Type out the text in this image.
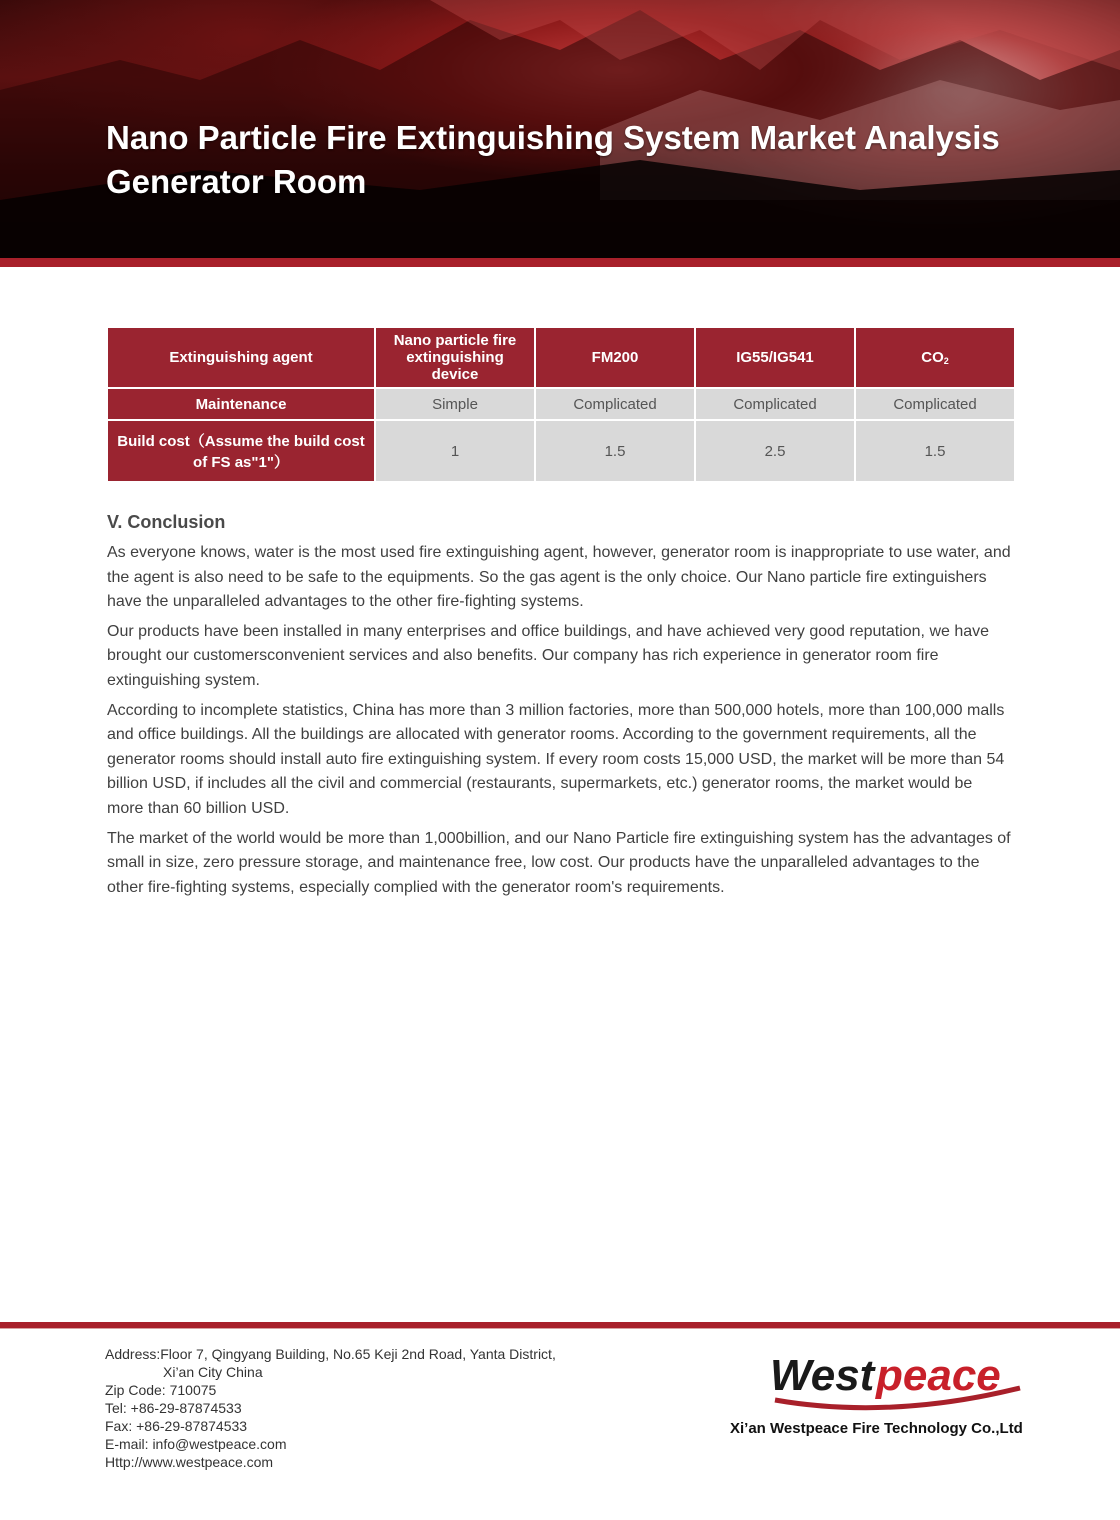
Nano Particle Fire Extinguishing System Market Analysis
Generator Room
Extinguishing agent	Nano particle fire extinguishing device	FM200	IG55/IG541	$CO_2$
Maintenance	Simple	Complicated	Complicated	Complicated
Build cost（Assume the build cost of FS as"1"）	1	1.5	2.5	1.5
V. Conclusion

As everyone knows, water is the most used fire extinguishing agent, however, generator room is inappropriate to use water, and the agent is also need to be safe to the equipments. So the gas agent is the only choice. Our Nano particle fire extinguishers have the unparalleled advantages to the other fire-fighting systems.

Our products have been installed in many enterprises and office buildings, and have achieved very good reputation, we have brought our customersconvenient services and also benefits. Our company has rich experience in generator room fire extinguishing system.

According to incomplete statistics, China has more than 3 million factories, more than 500,000 hotels, more than 100,000 malls and office buildings. All the buildings are allocated with generator rooms. According to the government requirements, all the generator rooms should install auto fire extinguishing system. If every room costs 15,000 USD, the market will be more than 54 billion USD, if includes all the civil and commercial (restaurants, supermarkets, etc.) generator rooms, the market would be more than 60 billion USD.

The market of the world would be more than 1,000billion, and our Nano Particle fire extinguishing system has the advantages of small in size, zero pressure storage, and maintenance free, low cost. Our products have the unparalleled advantages to the other fire-fighting systems, especially complied with the generator room's requirements.

Address:Floor 7, Qingyang Building, No.65 Keji 2nd Road, Yanta District,
Xi’an City China
Zip Code: 710075
Tel: +86-29-87874533
Fax: +86-29-87874533
E-mail: info@westpeace.com
Http://www.westpeace.com
West peace
Xi’an Westpeace Fire Technology Co.,Ltd
